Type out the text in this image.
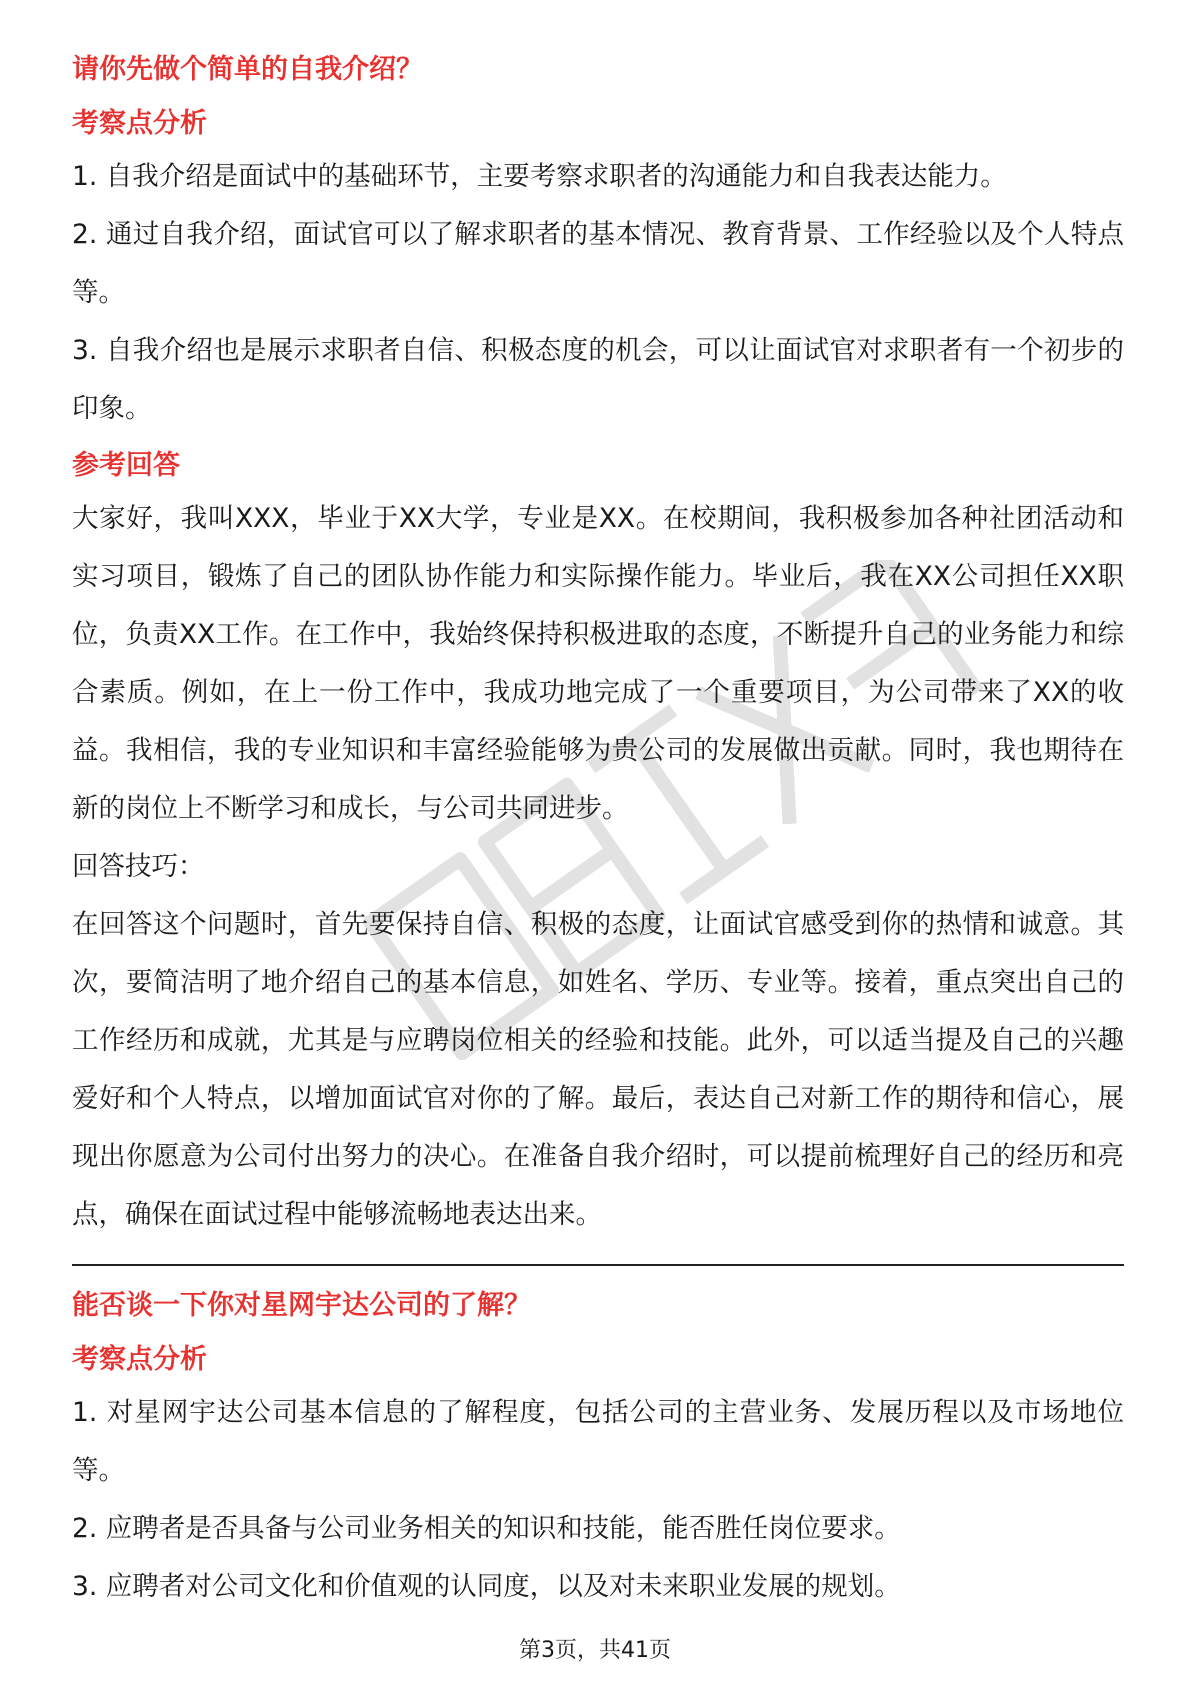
请你先做个简单的自我介绍？
考察点分析

1. 自我介绍是面试中的基础环节，主要考察求职者的沟通能力和自我表达能力。

2. 通过自我介绍，面试官可以了解求职者的基本情况、教育背景、工作经验以及个人特点等。

3. 自我介绍也是展示求职者自信、积极态度的机会，可以让面试官对求职者有一个初步的印象。

参考回答

大家好，我叫XXX，毕业于XX大学，专业是XX。在校期间，我积极参加各种社团活动和实习项目，锻炼了自己的团队协作能力和实际操作能力。毕业后，我在XX公司担任XX职位，负责XX工作。在工作中，我始终保持积极进取的态度，不断提升自己的业务能力和综合素质。例如，在上一份工作中，我成功地完成了一个重要项目，为公司带来了XX的收益。我相信，我的专业知识和丰富经验能够为贵公司的发展做出贡献。同时，我也期待在新的岗位上不断学习和成长，与公司共同进步。

回答技巧：

在回答这个问题时，首先要保持自信、积极的态度，让面试官感受到你的热情和诚意。其次，要简洁明了地介绍自己的基本信息，如姓名、学历、专业等。接着，重点突出自己的工作经历和成就，尤其是与应聘岗位相关的经验和技能。此外，可以适当提及自己的兴趣爱好和个人特点，以增加面试官对你的了解。最后，表达自己对新工作的期待和信心，展现出你愿意为公司付出努力的决心。在准备自我介绍时，可以提前梳理好自己的经历和亮点，确保在面试过程中能够流畅地表达出来。

能否谈一下你对星网宇达公司的了解？
考察点分析

1. 对星网宇达公司基本信息的了解程度，包括公司的主营业务、发展历程以及市场地位等。

2. 应聘者是否具备与公司业务相关的知识和技能，能否胜任岗位要求。

3. 应聘者对公司文化和价值观的认同度，以及对未来职业发展的规划。

第3页，共41页
